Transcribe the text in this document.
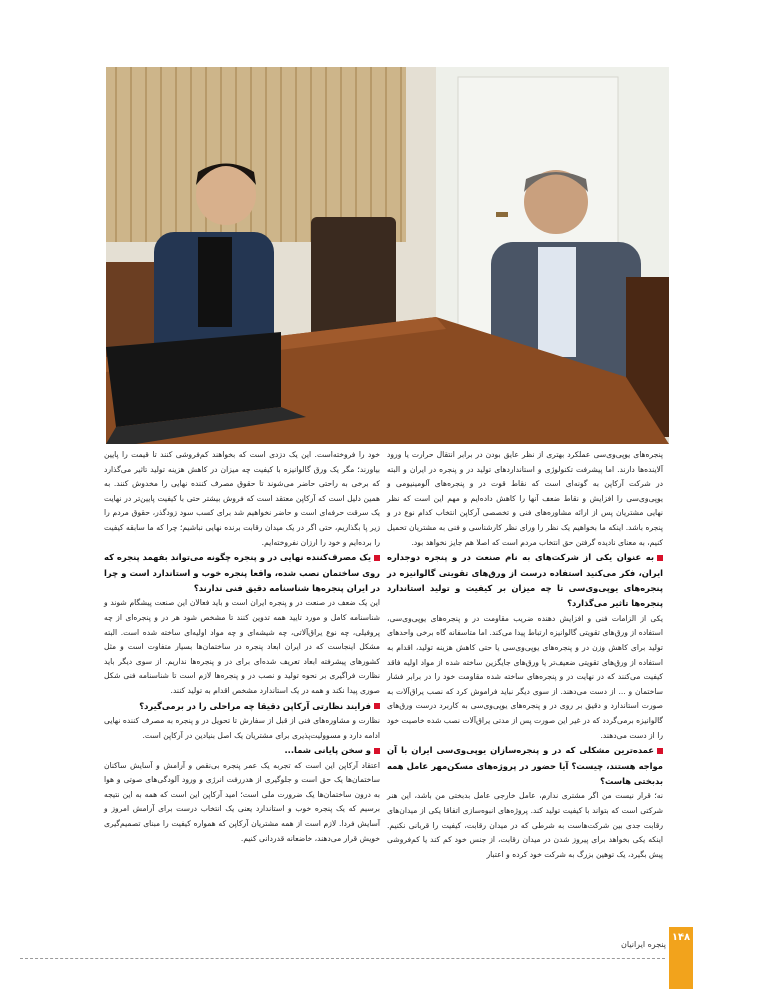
پنجره‌های یوپی‌وی‌سی عملکرد بهتری از نظر عایق بودن در برابر انتقال حرارت یا ورود آلاینده‌ها دارند. اما پیشرفت تکنولوژی و استانداردهای تولید در و پنجره در ایران و البته در شرکت آرکاپن به گونه‌ای است که نقاط قوت در و پنجره‌های آلومینیومی و یوپی‌وی‌سی را افزایش و نقاط ضعف آنها را کاهش داده‌ایم و مهم این است که نظر نهایی مشتریان پس از ارائه مشاوره‌های فنی و تخصصی آرکاپن انتخاب کدام نوع در و پنجره باشد. اینکه ما بخواهیم یک نظر را ورای نظر کارشناسی و فنی به مشتریان تحمیل کنیم، به معنای نادیده گرفتن حق انتخاب مردم است که اصلا هم جایز نخواهد بود.

به عنوان یکی از شرکت‌های به نام صنعت در و پنجره دوجداره ایران، فکر می‌کنید استفاده درست از ورق‌های تقویتی گالوانیزه در پنجره‌های یوپی‌وی‌سی تا چه میزان بر کیفیت و تولید استاندارد پنجره‌ها تاثیر می‌گذارد؟

یکی از الزامات فنی و افزایش دهنده ضریب مقاومت در و پنجره‌های یوپی‌وی‌سی، استفاده از ورق‌های تقویتی گالوانیزه ارتباط پیدا می‌کند. اما متاسفانه گاه برخی واحدهای تولید برای کاهش وزن در و پنجره‌های یوپی‌وی‌سی یا حتی کاهش هزینه تولید، اقدام به استفاده از ورق‌های تقویتی ضعیف‌تر یا ورق‌های جایگزین ساخته شده از مواد اولیه فاقد کیفیت می‌کنند که در نهایت در و پنجره‌های ساخته شده مقاومت خود را در برابر فشار ساختمان و ... از دست می‌دهند. از سوی دیگر نباید فراموش کرد که نصب یراق‌آلات به صورت استاندارد و دقیق بر روی در و پنجره‌های یوپی‌وی‌سی به کاربرد درست ورق‌های گالوانیزه برمی‌گردد که در غیر این صورت پس از مدتی یراق‌آلات نصب شده خاصیت خود را از دست می‌دهند.

عمده‌ترین مشکلی که در و پنجره‌سازان یوپی‌وی‌سی ایران با آن مواجه هستند، چیست؟ آیا حضور در پروژه‌های مسکن‌مهر عامل همه بدبختی هاست؟

نه؛ قرار نیست من اگر مشتری ندارم، عامل خارجی عامل بدبختی من باشد، این هنر شرکتی است که بتواند با کیفیت تولید کند. پروژه‌های انبوه‌سازی اتفاقا یکی از میدان‌های رقابت جدی بین شرکت‌هاست به شرطی که در میدان رقابت، کیفیت را قربانی نکنیم. اینکه یکی بخواهد برای پیروز شدن در میدان رقابت، از جنس خود کم کند یا کم‌فروشی پیش بگیرد، یک توهین بزرگ به شرکت خود کرده و اعتبار

خود را فروخته‌است. این یک دزدی است که بخواهند کم‌فروشی کنند تا قیمت را پایین بیاورند؛ مگر یک ورق گالوانیزه با کیفیت چه میزان در کاهش هزینه تولید تاثیر می‌گذارد که برخی به راحتی حاضر می‌شوند تا حقوق مصرف کننده نهایی را مخدوش کنند. به همین دلیل است که آرکاپن معتقد است که فروش بیشتر حتی با کیفیت پایین‌تر در نهایت یک سرقت حرفه‌ای است و حاضر نخواهیم شد برای کسب سود زودگذر، حقوق مردم را زیر پا بگذاریم، حتی اگر در یک میدان رقابت برنده نهایی نباشیم؛ چرا که ما سابقه کیفیت را برده‌ایم و خود را ارزان نفروخته‌ایم.

یک مصرف‌کننده نهایی در و پنجره چگونه می‌تواند بفهمد پنجره که روی ساختمان نصب شده، واقعا پنجره خوب و استاندارد است و چرا در ایران پنجره‌ها شناسنامه دقیق فنی ندارند؟

این یک ضعف در صنعت در و پنجره ایران است و باید فعالان این صنعت پیشگام شوند و شناسنامه کامل و مورد تایید همه تدوین کنند تا مشخص شود هر در و پنجره‌ای از چه پروفیلی، چه نوع یراق‌آلاتی، چه شیشه‌ای و چه مواد اولیه‌ای ساخته شده است. البته مشکل اینجاست که در ایران ابعاد پنجره در ساختمان‌ها بسیار متفاوت است و مثل کشورهای پیشرفته ابعاد تعریف شده‌ای برای در و پنجره‌ها نداریم. از سوی دیگر باید نظارت فراگیری بر نحوه تولید و نصب در و پنجره‌ها لازم است تا شناسنامه فنی شکل صوری پیدا نکند و همه در یک استاندارد مشخص اقدام به تولید کنند.

فرایند نظارتی آرکاپن دقیقا چه مراحلی را در برمی‌گیرد؟

نظارت و مشاوره‌های فنی از قبل از سفارش تا تحویل در و پنجره به مصرف کننده نهایی ادامه دارد و مسوولیت‌پذیری برای مشتریان یک اصل بنیادین در آرکاپن است.

و سخن پایانی شما...

اعتقاد آرکاپن این است که تجربه یک عمر پنجره بی‌نقص و آرامش و آسایش ساکنان ساختمان‌ها یک حق است و جلوگیری از هدررفت انرژی و ورود آلودگی‌های صوتی و هوا به درون ساختمان‌ها یک ضرورت ملی است؛ امید آرکاپن این است که همه به این نتیجه برسیم که یک پنجره خوب و استاندارد یعنی یک انتخاب درست برای آرامش امروز و آسایش فردا. لازم است از همه مشتریان آرکاپن که همواره کیفیت را مبنای تصمیم‌گیری خویش قرار می‌دهند، خاضعانه قدردانی کنیم.

۱۴۸
پنجره ایرانیان
